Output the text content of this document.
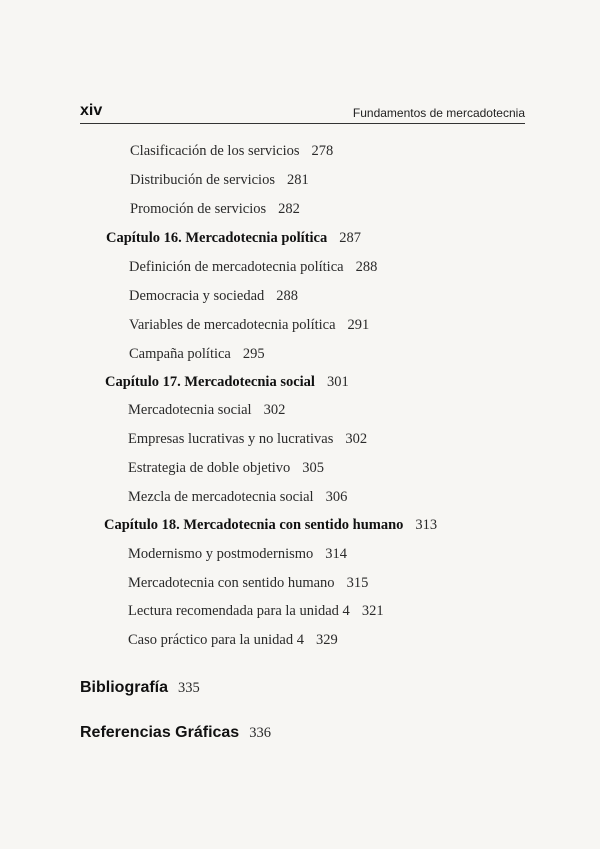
xiv	Fundamentos de mercadotecnia
Clasificación de los servicios 278
Distribución de servicios 281
Promoción de servicios 282
Capítulo 16. Mercadotecnia política 287
Definición de mercadotecnia política 288
Democracia y sociedad 288
Variables de mercadotecnia política 291
Campaña política 295
Capítulo 17. Mercadotecnia social 301
Mercadotecnia social 302
Empresas lucrativas y no lucrativas 302
Estrategia de doble objetivo 305
Mezcla de mercadotecnia social 306
Capítulo 18. Mercadotecnia con sentido humano 313
Modernismo y postmodernismo 314
Mercadotecnia con sentido humano 315
Lectura recomendada para la unidad 4 321
Caso práctico para la unidad 4 329
Bibliografía 335
Referencias Gráficas 336
